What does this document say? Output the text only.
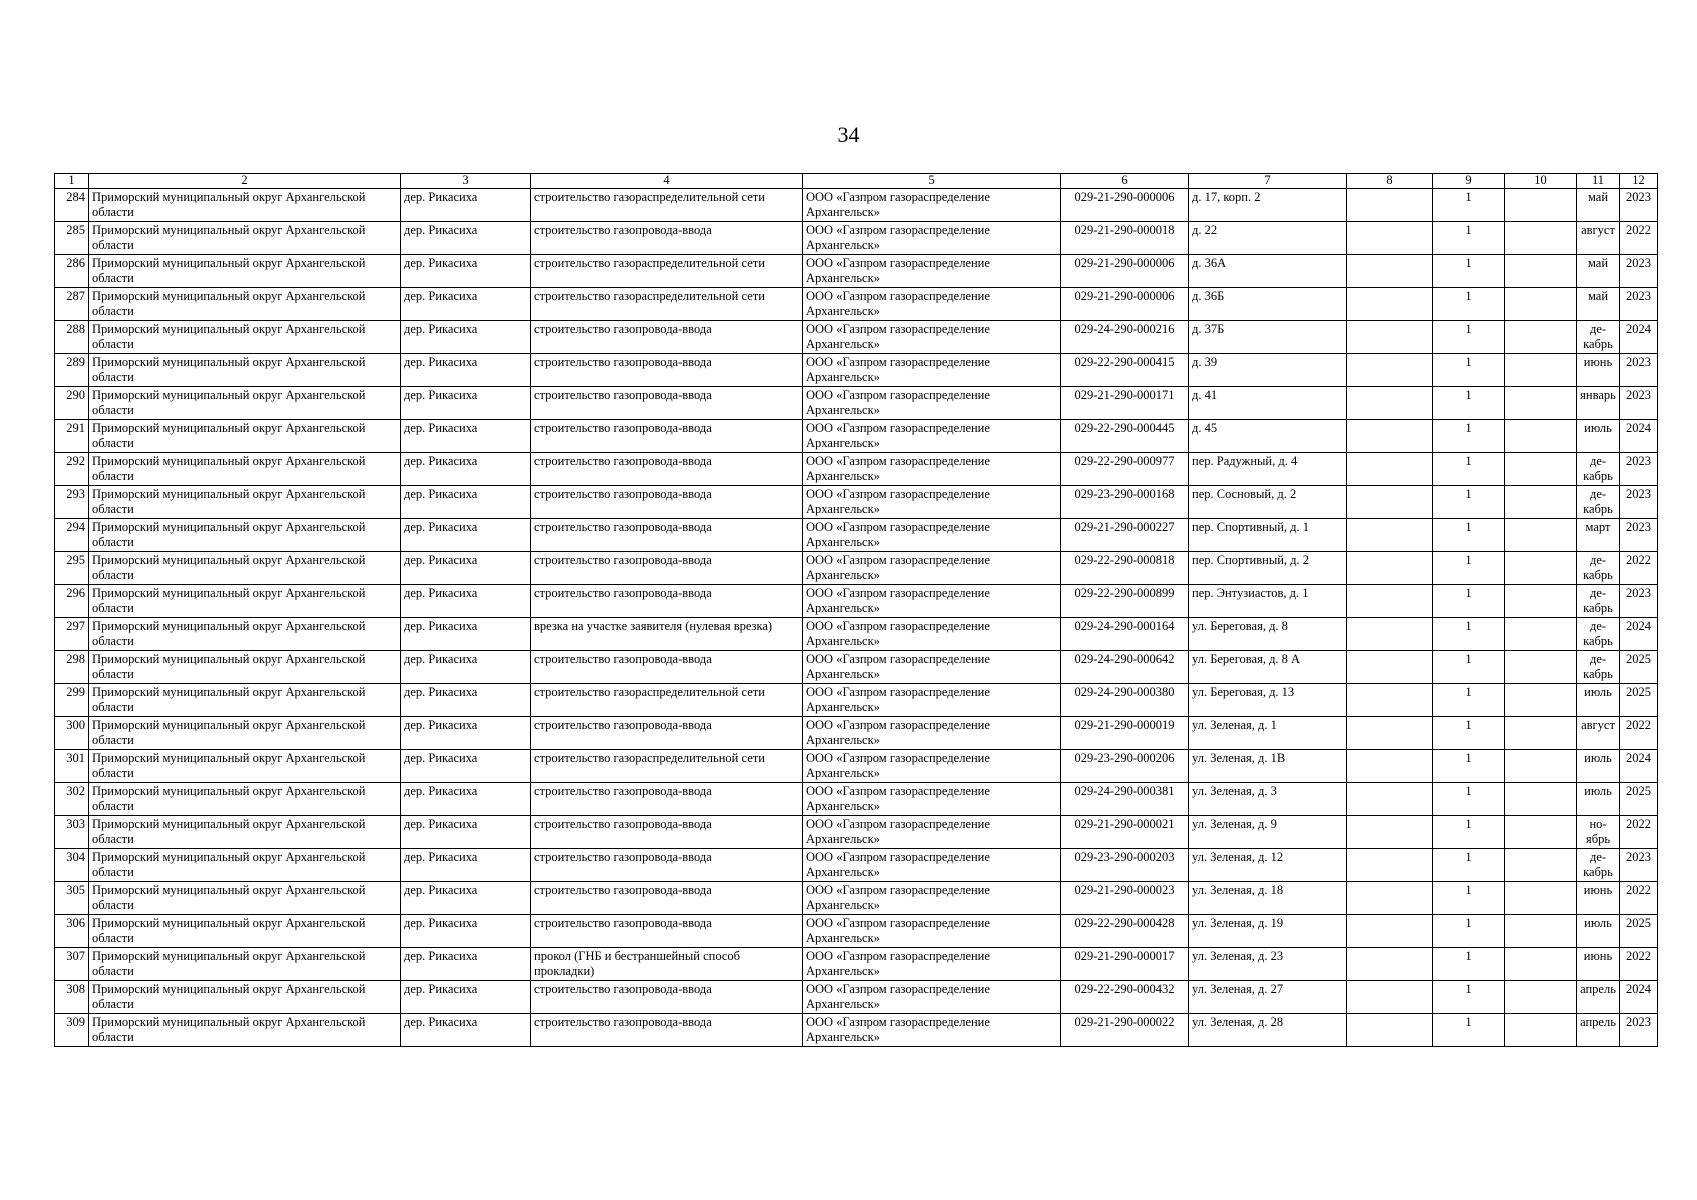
34
1	2	3	4	5	6	7	8	9	10	11	12
284	Приморский муниципальный округ Архангельской области	дер. Рикасиха	строительство газораспределительной сети	ООО «Газпром газораспределение Архангельск»	029-21-290-000006	д. 17, корп. 2		1		май	2023
285	Приморский муниципальный округ Архангельской области	дер. Рикасиха	строительство газопровода-ввода	ООО «Газпром газораспределение Архангельск»	029-21-290-000018	д. 22		1		август	2022
286	Приморский муниципальный округ Архангельской области	дер. Рикасиха	строительство газораспределительной сети	ООО «Газпром газораспределение Архангельск»	029-21-290-000006	д. 36А		1		май	2023
287	Приморский муниципальный округ Архангельской области	дер. Рикасиха	строительство газораспределительной сети	ООО «Газпром газораспределение Архангельск»	029-21-290-000006	д. 36Б		1		май	2023
288	Приморский муниципальный округ Архангельской области	дер. Рикасиха	строительство газопровода-ввода	ООО «Газпром газораспределение Архангельск»	029-24-290-000216	д. 37Б		1		де-кабрь	2024
289	Приморский муниципальный округ Архангельской области	дер. Рикасиха	строительство газопровода-ввода	ООО «Газпром газораспределение Архангельск»	029-22-290-000415	д. 39		1		июнь	2023
290	Приморский муниципальный округ Архангельской области	дер. Рикасиха	строительство газопровода-ввода	ООО «Газпром газораспределение Архангельск»	029-21-290-000171	д. 41		1		январь	2023
291	Приморский муниципальный округ Архангельской области	дер. Рикасиха	строительство газопровода-ввода	ООО «Газпром газораспределение Архангельск»	029-22-290-000445	д. 45		1		июль	2024
292	Приморский муниципальный округ Архангельской области	дер. Рикасиха	строительство газопровода-ввода	ООО «Газпром газораспределение Архангельск»	029-22-290-000977	пер. Радужный, д. 4		1		де-кабрь	2023
293	Приморский муниципальный округ Архангельской области	дер. Рикасиха	строительство газопровода-ввода	ООО «Газпром газораспределение Архангельск»	029-23-290-000168	пер. Сосновый, д. 2		1		де-кабрь	2023
294	Приморский муниципальный округ Архангельской области	дер. Рикасиха	строительство газопровода-ввода	ООО «Газпром газораспределение Архангельск»	029-21-290-000227	пер. Спортивный, д. 1		1		март	2023
295	Приморский муниципальный округ Архангельской области	дер. Рикасиха	строительство газопровода-ввода	ООО «Газпром газораспределение Архангельск»	029-22-290-000818	пер. Спортивный, д. 2		1		де-кабрь	2022
296	Приморский муниципальный округ Архангельской области	дер. Рикасиха	строительство газопровода-ввода	ООО «Газпром газораспределение Архангельск»	029-22-290-000899	пер. Энтузиастов, д. 1		1		де-кабрь	2023
297	Приморский муниципальный округ Архангельской области	дер. Рикасиха	врезка на участке заявителя (нулевая врезка)	ООО «Газпром газораспределение Архангельск»	029-24-290-000164	ул. Береговая, д. 8		1		де-кабрь	2024
298	Приморский муниципальный округ Архангельской области	дер. Рикасиха	строительство газопровода-ввода	ООО «Газпром газораспределение Архангельск»	029-24-290-000642	ул. Береговая, д. 8 А		1		де-кабрь	2025
299	Приморский муниципальный округ Архангельской области	дер. Рикасиха	строительство газораспределительной сети	ООО «Газпром газораспределение Архангельск»	029-24-290-000380	ул. Береговая, д. 13		1		июль	2025
300	Приморский муниципальный округ Архангельской области	дер. Рикасиха	строительство газопровода-ввода	ООО «Газпром газораспределение Архангельск»	029-21-290-000019	ул. Зеленая, д. 1		1		август	2022
301	Приморский муниципальный округ Архангельской области	дер. Рикасиха	строительство газораспределительной сети	ООО «Газпром газораспределение Архангельск»	029-23-290-000206	ул. Зеленая, д. 1В		1		июль	2024
302	Приморский муниципальный округ Архангельской области	дер. Рикасиха	строительство газопровода-ввода	ООО «Газпром газораспределение Архангельск»	029-24-290-000381	ул. Зеленая, д. 3		1		июль	2025
303	Приморский муниципальный округ Архангельской области	дер. Рикасиха	строительство газопровода-ввода	ООО «Газпром газораспределение Архангельск»	029-21-290-000021	ул. Зеленая, д. 9		1		но-ябрь	2022
304	Приморский муниципальный округ Архангельской области	дер. Рикасиха	строительство газопровода-ввода	ООО «Газпром газораспределение Архангельск»	029-23-290-000203	ул. Зеленая, д. 12		1		де-кабрь	2023
305	Приморский муниципальный округ Архангельской области	дер. Рикасиха	строительство газопровода-ввода	ООО «Газпром газораспределение Архангельск»	029-21-290-000023	ул. Зеленая, д. 18		1		июнь	2022
306	Приморский муниципальный округ Архангельской области	дер. Рикасиха	строительство газопровода-ввода	ООО «Газпром газораспределение Архангельск»	029-22-290-000428	ул. Зеленая, д. 19		1		июль	2025
307	Приморский муниципальный округ Архангельской области	дер. Рикасиха	прокол (ГНБ и бестраншейный способ прокладки)	ООО «Газпром газораспределение Архангельск»	029-21-290-000017	ул. Зеленая, д. 23		1		июнь	2022
308	Приморский муниципальный округ Архангельской области	дер. Рикасиха	строительство газопровода-ввода	ООО «Газпром газораспределение Архангельск»	029-22-290-000432	ул. Зеленая, д. 27		1		апрель	2024
309	Приморский муниципальный округ Архангельской области	дер. Рикасиха	строительство газопровода-ввода	ООО «Газпром газораспределение Архангельск»	029-21-290-000022	ул. Зеленая, д. 28		1		апрель	2023
